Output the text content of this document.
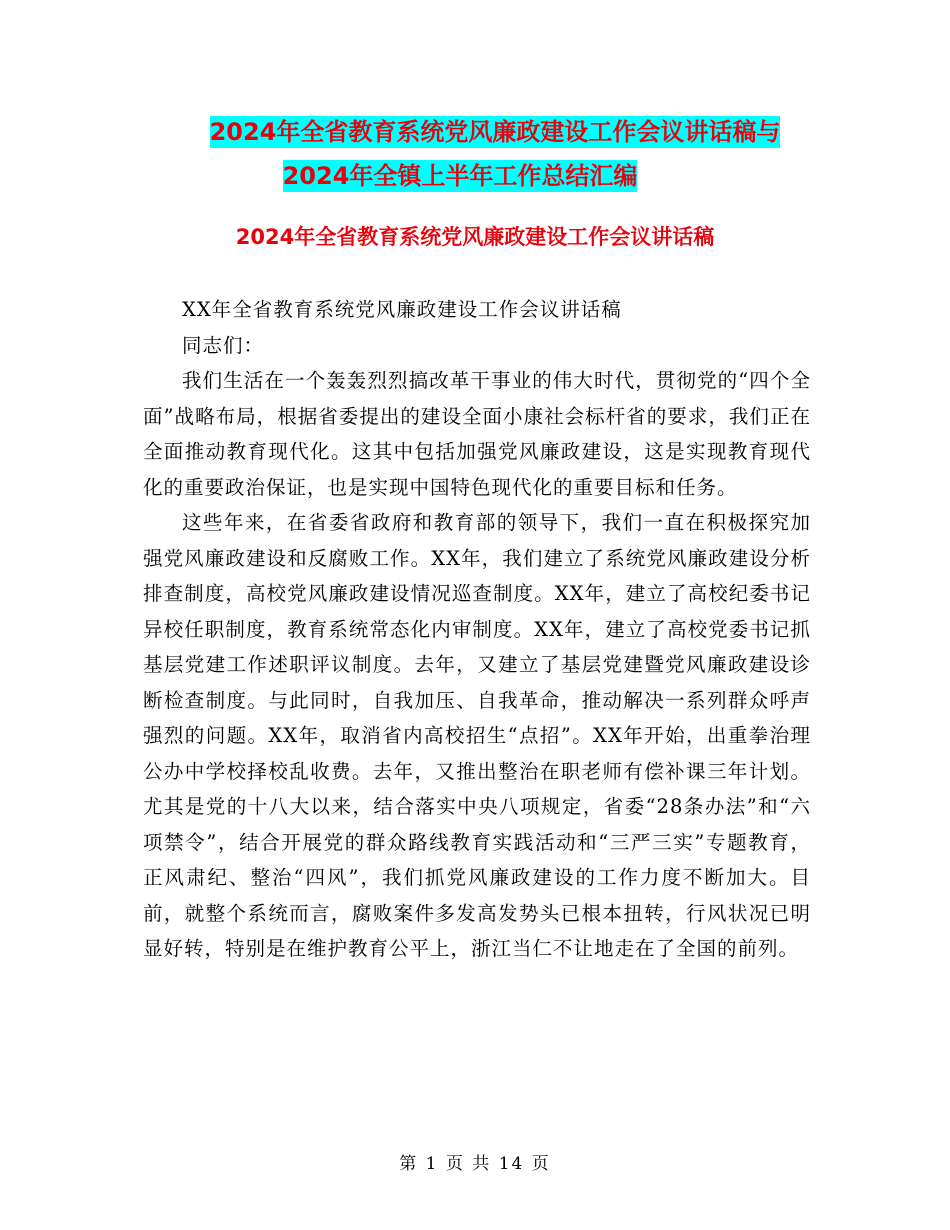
2024年全省教育系统党风廉政建设工作会议讲话稿与
2024年全镇上半年工作总结汇编
2024年全省教育系统党风廉政建设工作会议讲话稿

XX年全省教育系统党风廉政建设工作会议讲话稿

同志们：

我们生活在一个轰轰烈烈搞改革干事业的伟大时代，贯彻党的“四个全面”战略布局，根据省委提出的建设全面小康社会标杆省的要求，我们正在全面推动教育现代化。这其中包括加强党风廉政建设，这是实现教育现代化的重要政治保证，也是实现中国特色现代化的重要目标和任务。

这些年来，在省委省政府和教育部的领导下，我们一直在积极探究加强党风廉政建设和反腐败工作。XX年，我们建立了系统党风廉政建设分析排查制度，高校党风廉政建设情况巡查制度。XX年，建立了高校纪委书记异校任职制度，教育系统常态化内审制度。XX年，建立了高校党委书记抓基层党建工作述职评议制度。去年，又建立了基层党建暨党风廉政建设诊断检查制度。与此同时，自我加压、自我革命，推动解决一系列群众呼声强烈的问题。XX年，取消省内高校招生“点招”。XX年开始，出重拳治理公办中学校择校乱收费。去年，又推出整治在职老师有偿补课三年计划。尤其是党的十八大以来，结合落实中央八项规定，省委“28条办法”和“六项禁令”，结合开展党的群众路线教育实践活动和“三严三实”专题教育，正风肃纪、整治“四风”，我们抓党风廉政建设的工作力度不断加大。目前，就整个系统而言，腐败案件多发高发势头已根本扭转，行风状况已明显好转，特别是在维护教育公平上，浙江当仁不让地走在了全国的前列。

第 1 页 共 14 页
